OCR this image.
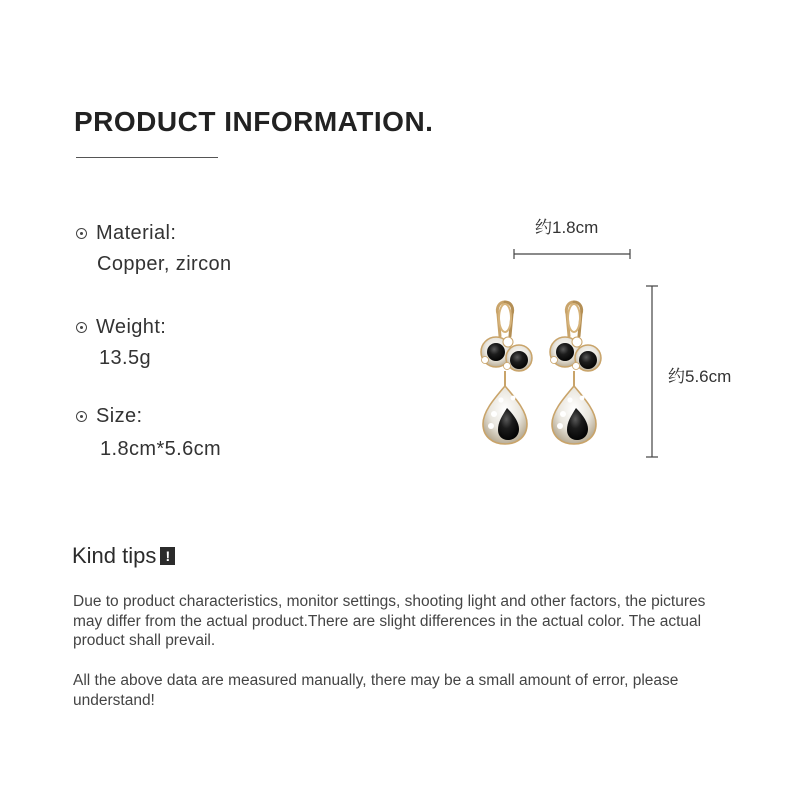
PRODUCT INFORMATION.
Material:
Copper, zircon
Weight:
13.5g
Size:
1.8cm*5.6cm
约1.8cm
约5.6cm
Kind tips !

Due to product characteristics, monitor settings, shooting light and other factors, the pictures may differ from the actual product.There are slight differences in the actual color. The actual product shall prevail.

All the above data are measured manually, there may be a small amount of error, please understand!
